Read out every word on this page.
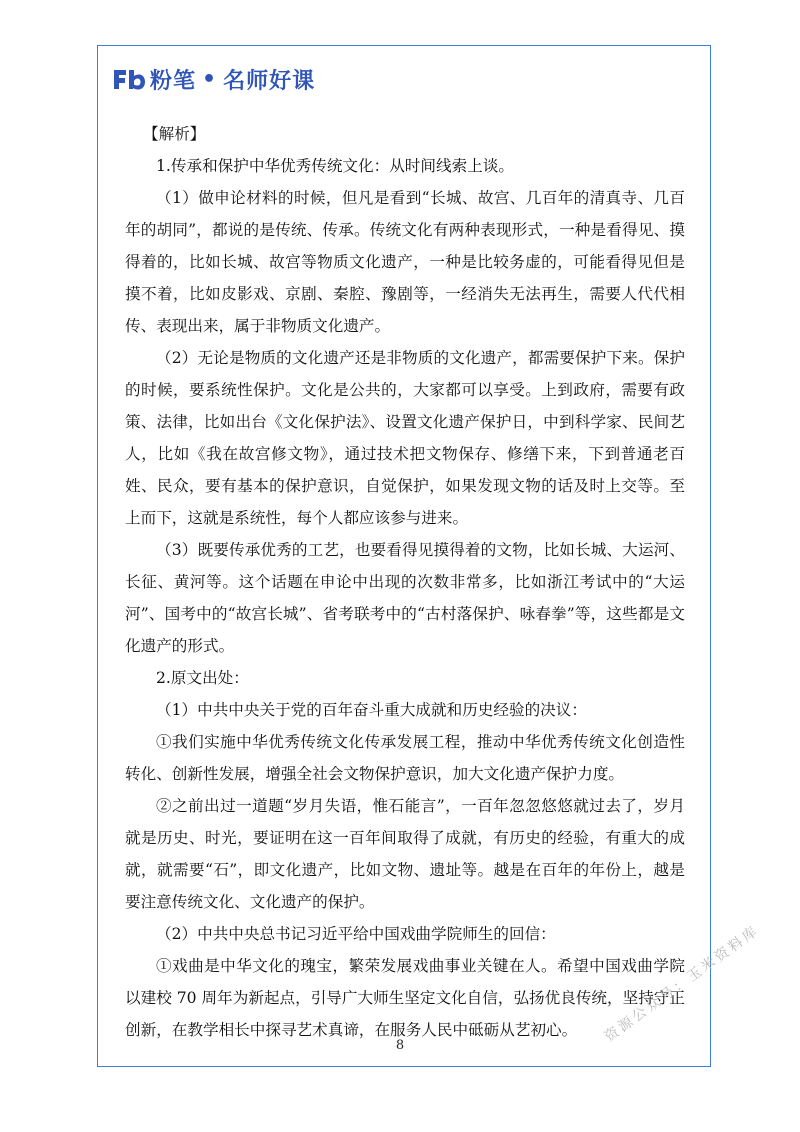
粉笔 • 名师好课

【解析】

1.传承和保护中华优秀传统文化：从时间线索上谈。

（1）做申论材料的时候，但凡是看到“长城、故宫、几百年的清真寺、几百年的胡同”，都说的是传统、传承。传统文化有两种表现形式，一种是看得见、摸得着的，比如长城、故宫等物质文化遗产，一种是比较务虚的，可能看得见但是摸不着，比如皮影戏、京剧、秦腔、豫剧等，一经消失无法再生，需要人代代相传、表现出来，属于非物质文化遗产。

（2）无论是物质的文化遗产还是非物质的文化遗产，都需要保护下来。保护的时候，要系统性保护。文化是公共的，大家都可以享受。上到政府，需要有政策、法律，比如出台《文化保护法》、设置文化遗产保护日，中到科学家、民间艺人，比如《我在故宫修文物》，通过技术把文物保存、修缮下来，下到普通老百姓、民众，要有基本的保护意识，自觉保护，如果发现文物的话及时上交等。至上而下，这就是系统性，每个人都应该参与进来。

（3）既要传承优秀的工艺，也要看得见摸得着的文物，比如长城、大运河、长征、黄河等。这个话题在申论中出现的次数非常多，比如浙江考试中的“大运河”、国考中的“故宫长城”、省考联考中的“古村落保护、咏春拳”等，这些都是文化遗产的形式。

2.原文出处：

（1）中共中央关于党的百年奋斗重大成就和历史经验的决议：

①我们实施中华优秀传统文化传承发展工程，推动中华优秀传统文化创造性转化、创新性发展，增强全社会文物保护意识，加大文化遗产保护力度。

②之前出过一道题“岁月失语，惟石能言”，一百年忽忽悠悠就过去了，岁月就是历史、时光，要证明在这一百年间取得了成就，有历史的经验，有重大的成就，就需要“石”，即文化遗产，比如文物、遗址等。越是在百年的年份上，越是要注意传统文化、文化遗产的保护。

（2）中共中央总书记习近平给中国戏曲学院师生的回信：

①戏曲是中华文化的瑰宝，繁荣发展戏曲事业关键在人。希望中国戏曲学院以建校 70 周年为新起点，引导广大师生坚定文化自信，弘扬优良传统，坚持守正创新，在教学相长中探寻艺术真谛，在服务人民中砥砺从艺初心。

8
资源公众号：玉米资料库
